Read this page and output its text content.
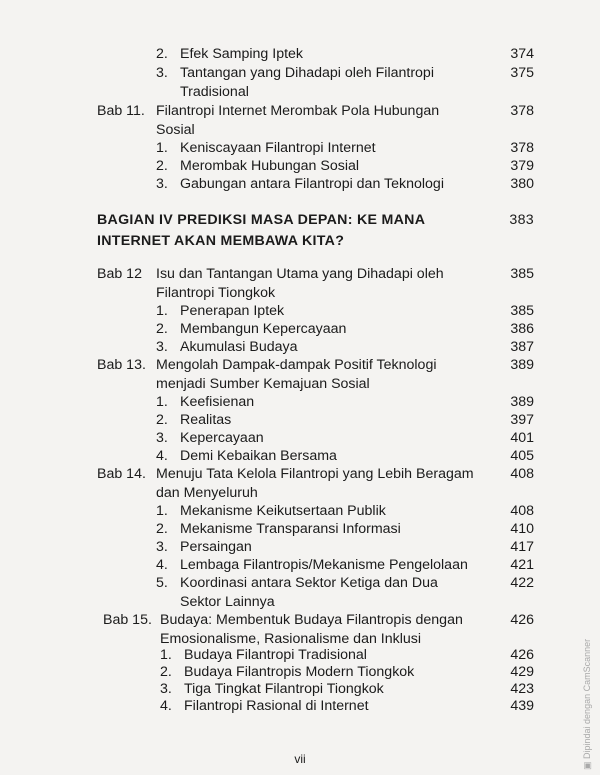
2. Efek Samping Iptek	374
3. Tantangan yang Dihadapi oleh Filantropi	375
Tradisional
Bab 11. Filantropi Internet Merombak Pola Hubungan	378
Sosial
1. Keniscayaan Filantropi Internet	378
2. Merombak Hubungan Sosial	379
3. Gabungan antara Filantropi dan Teknologi	380
BAGIAN IV PREDIKSI MASA DEPAN: KE MANA	383
INTERNET AKAN MEMBAWA KITA?
Bab 12 Isu dan Tantangan Utama yang Dihadapi oleh	385
Filantropi Tiongkok
1. Penerapan Iptek	385
2. Membangun Kepercayaan	386
3. Akumulasi Budaya	387
Bab 13. Mengolah Dampak-dampak Positif Teknologi	389
menjadi Sumber Kemajuan Sosial
1. Keefisienan	389
2. Realitas	397
3. Kepercayaan	401
4. Demi Kebaikan Bersama	405
Bab 14. Menuju Tata Kelola Filantropi yang Lebih Beragam	408
dan Menyeluruh
1. Mekanisme Keikutsertaan Publik	408
2. Mekanisme Transparansi Informasi	410
3. Persaingan	417
4. Lembaga Filantropis/Mekanisme Pengelolaan	421
5. Koordinasi antara Sektor Ketiga dan Dua	422
Sektor Lainnya
Bab 15. Budaya: Membentuk Budaya Filantropis dengan	426
Emosionalisme, Rasionalisme dan Inklusi
1. Budaya Filantropi Tradisional	426
2. Budaya Filantropis Modern Tiongkok	429
3. Tiga Tingkat Filantropi Tiongkok	423
4. Filantropi Rasional di Internet	439
vii	▣ Dipindai dengan CamScanner
